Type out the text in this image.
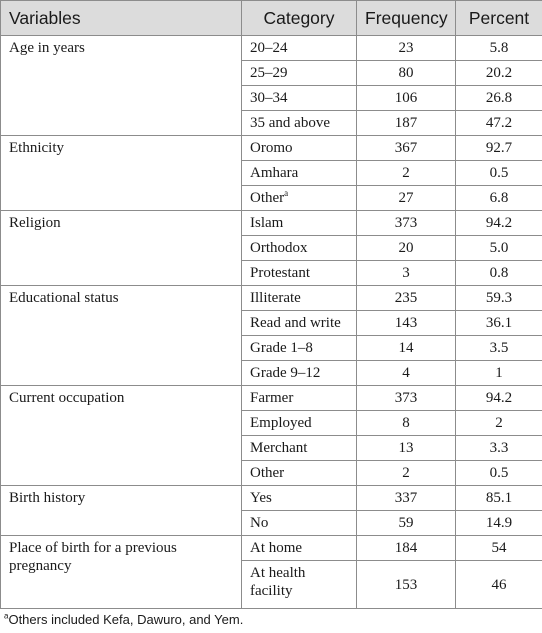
Variables	Category	Frequency	Percent
Age in years	20–24	23	5.8
	25–29	80	20.2
	30–34	106	26.8
	35 and above	187	47.2
Ethnicity	Oromo	367	92.7
	Amhara	2	0.5
	Other$^a$	27	6.8
Religion	Islam	373	94.2
	Orthodox	20	5.0
	Protestant	3	0.8
Educational status	Illiterate	235	59.3
	Read and write	143	36.1
	Grade 1–8	14	3.5
	Grade 9–12	4	1
Current occupation	Farmer	373	94.2
	Employed	8	2
	Merchant	13	3.3
	Other	2	0.5
Birth history	Yes	337	85.1
	No	59	14.9
Place of birth for a previous pregnancy	At home	184	54
	At health facility	153	46
$^a$Others included Kefa, Dawuro, and Yem.
